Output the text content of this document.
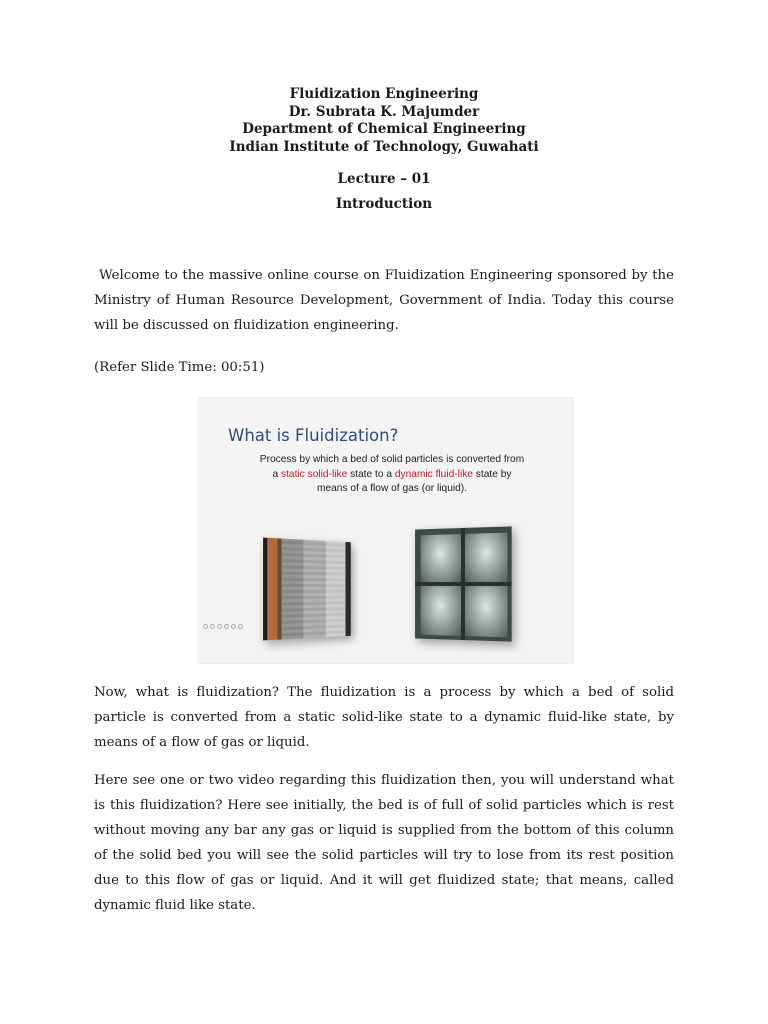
Fluidization Engineering
Dr. Subrata K. Majumder
Department of Chemical Engineering
Indian Institute of Technology, Guwahati
Lecture – 01
Introduction

Welcome to the massive online course on Fluidization Engineering sponsored by the Ministry of Human Resource Development, Government of India. Today this course will be discussed on fluidization engineering.

(Refer Slide Time: 00:51)

What is Fluidization?
Process by which a bed of solid particles is converted from a static solid-like state to a dynamic fluid-like state by means of a flow of gas (or liquid).

Now, what is fluidization? The fluidization is a process by which a bed of solid particle is converted from a static solid-like state to a dynamic fluid-like state, by means of a flow of gas or liquid.

Here see one or two video regarding this fluidization then, you will understand what is this fluidization? Here see initially, the bed is of full of solid particles which is rest without moving any bar any gas or liquid is supplied from the bottom of this column of the solid bed you will see the solid particles will try to lose from its rest position due to this flow of gas or liquid. And it will get fluidized state; that means, called dynamic fluid like state.
